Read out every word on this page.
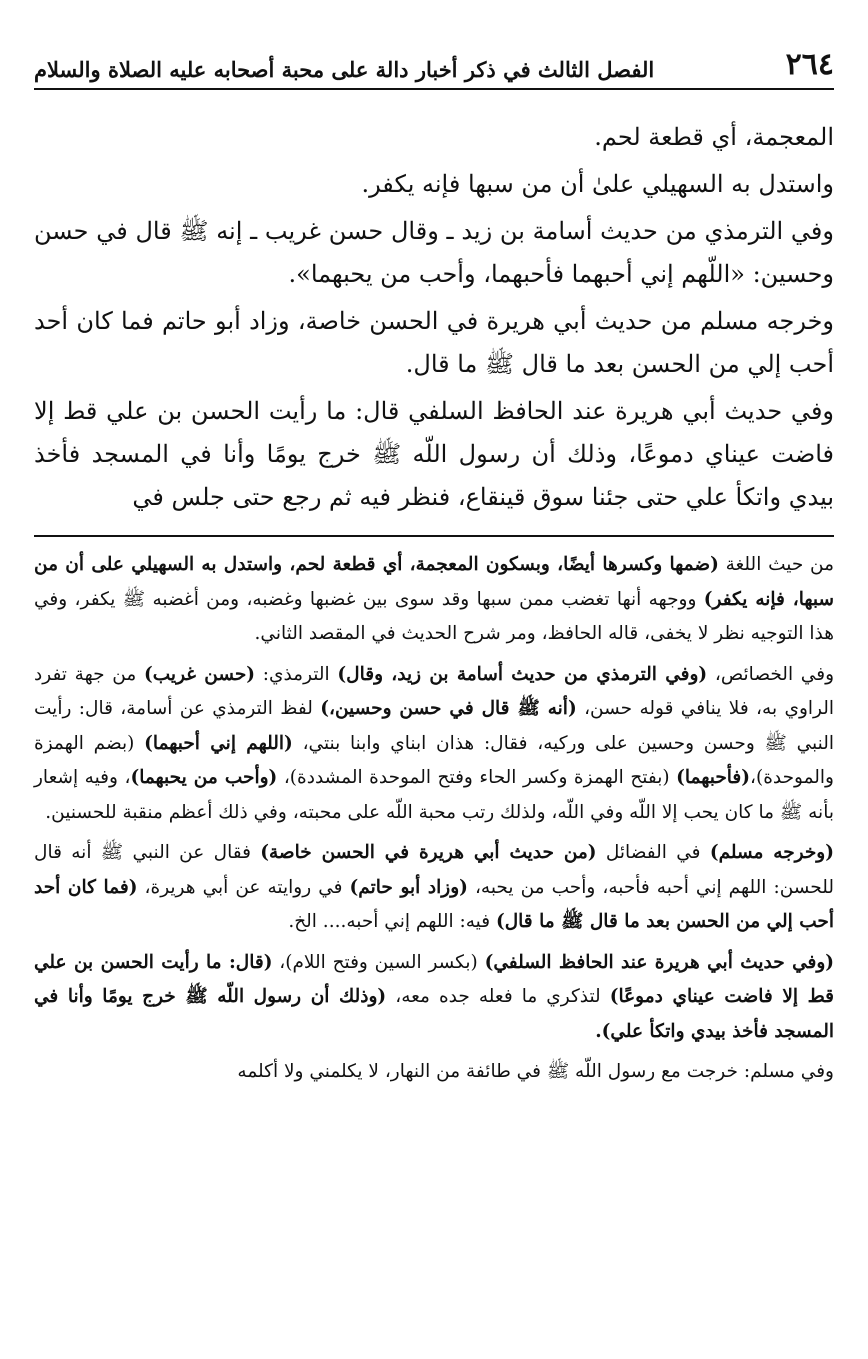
٢٦٤
الفصل الثالث في ذكر أخبار دالة على محبة أصحابه عليه الصلاة والسلام

المعجمة، أي قطعة لحم.

واستدل به السهيلي علىٰ أن من سبها فإنه يكفر.

وفي الترمذي من حديث أسامة بن زيد ـ وقال حسن غريب ـ إنه ﷺ قال في حسن وحسين: «اللّهم إني أحبهما فأحبهما، وأحب من يحبهما».

وخرجه مسلم من حديث أبي هريرة في الحسن خاصة، وزاد أبو حاتم فما كان أحد أحب إلي من الحسن بعد ما قال ﷺ ما قال.

وفي حديث أبي هريرة عند الحافظ السلفي قال: ما رأيت الحسن بن علي قط إلا فاضت عيناي دموعًا، وذلك أن رسول اللّه ﷺ خرج يومًا وأنا في المسجد فأخذ بيدي واتكأ علي حتى جئنا سوق قينقاع، فنظر فيه ثم رجع حتى جلس في

من حيث اللغة (ضمها وكسرها أيضًا، وبسكون المعجمة، أي قطعة لحم، واستدل به السهيلي على أن من سبها، فإنه يكفر) ووجهه أنها تغضب ممن سبها وقد سوى بين غضبها وغضبه، ومن أغضبه ﷺ يكفر، وفي هذا التوجيه نظر لا يخفى، قاله الحافظ، ومر شرح الحديث في المقصد الثاني.

وفي الخصائص، (وفي الترمذي من حديث أسامة بن زيد، وقال) الترمذي: (حسن غريب) من جهة تفرد الراوي به، فلا ينافي قوله حسن، (أنه ﷺ قال في حسن وحسين،) لفظ الترمذي عن أسامة، قال: رأيت النبي ﷺ وحسن وحسين على وركيه، فقال: هذان ابناي وابنا بنتي، (اللهم إني أحبهما) (بضم الهمزة والموحدة)،(فأحبهما) (بفتح الهمزة وكسر الحاء وفتح الموحدة المشددة)، (وأحب من يحبهما)، وفيه إشعار بأنه ﷺ ما كان يحب إلا اللّه وفي اللّه، ولذلك رتب محبة اللّه على محبته، وفي ذلك أعظم منقبة للحسنين.

(وخرجه مسلم) في الفضائل (من حديث أبي هريرة في الحسن خاصة) فقال عن النبي ﷺ أنه قال للحسن: اللهم إني أحبه فأحبه، وأحب من يحبه، (وزاد أبو حاتم) في روايته عن أبي هريرة، (فما كان أحد أحب إلي من الحسن بعد ما قال ﷺ ما قال) فيه: اللهم إني أحبه.... الخ.

(وفي حديث أبي هريرة عند الحافظ السلفي) (بكسر السين وفتح اللام)، (قال: ما رأيت الحسن بن علي قط إلا فاضت عيناي دموعًا) لتذكري ما فعله جده معه، (وذلك أن رسول اللّه ﷺ خرج يومًا وأنا في المسجد فأخذ بيدي واتكأ علي).

وفي مسلم: خرجت مع رسول اللّه ﷺ في طائفة من النهار، لا يكلمني ولا أكلمه
